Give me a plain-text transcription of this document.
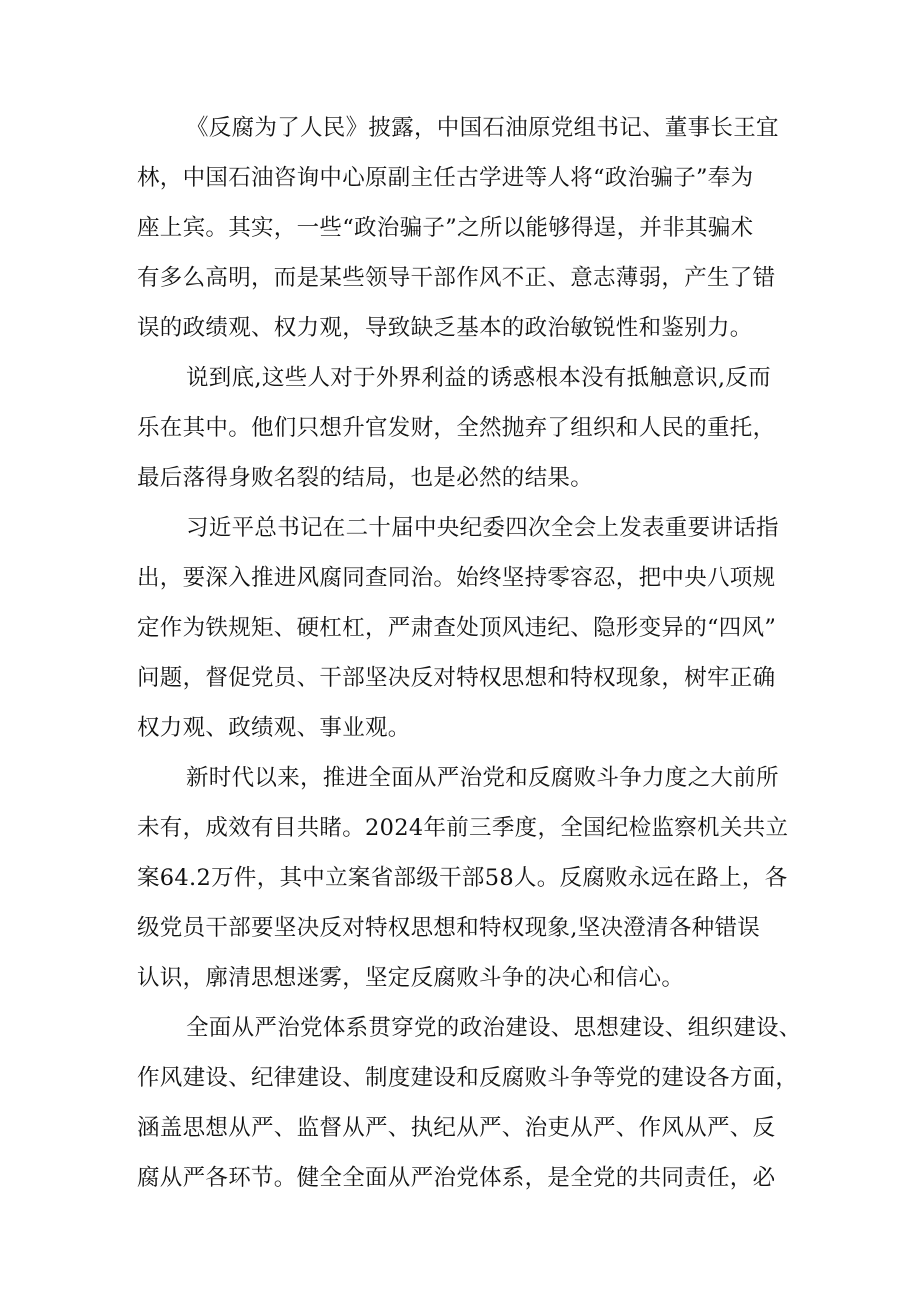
《反腐为了人民》披露，中国石油原党组书记、董事长王宜
林，中国石油咨询中心原副主任古学进等人将“政治骗子”奉为
座上宾。其实，一些“政治骗子”之所以能够得逞，并非其骗术
有多么高明，而是某些领导干部作风不正、意志薄弱，产生了错
误的政绩观、权力观，导致缺乏基本的政治敏锐性和鉴别力。
说到底,这些人对于外界利益的诱惑根本没有抵触意识,反而
乐在其中。他们只想升官发财，全然抛弃了组织和人民的重托，
最后落得身败名裂的结局，也是必然的结果。
习近平总书记在二十届中央纪委四次全会上发表重要讲话指
出，要深入推进风腐同查同治。始终坚持零容忍，把中央八项规
定作为铁规矩、硬杠杠，严肃查处顶风违纪、隐形变异的“四风”
问题，督促党员、干部坚决反对特权思想和特权现象，树牢正确
权力观、政绩观、事业观。
新时代以来，推进全面从严治党和反腐败斗争力度之大前所
未有，成效有目共睹。2024年前三季度，全国纪检监察机关共立
案64.2万件，其中立案省部级干部58人。反腐败永远在路上，各
级党员干部要坚决反对特权思想和特权现象,坚决澄清各种错误
认识，廓清思想迷雾，坚定反腐败斗争的决心和信心。
全面从严治党体系贯穿党的政治建设、思想建设、组织建设、
作风建设、纪律建设、制度建设和反腐败斗争等党的建设各方面，
涵盖思想从严、监督从严、执纪从严、治吏从严、作风从严、反
腐从严各环节。健全全面从严治党体系，是全党的共同责任，必
